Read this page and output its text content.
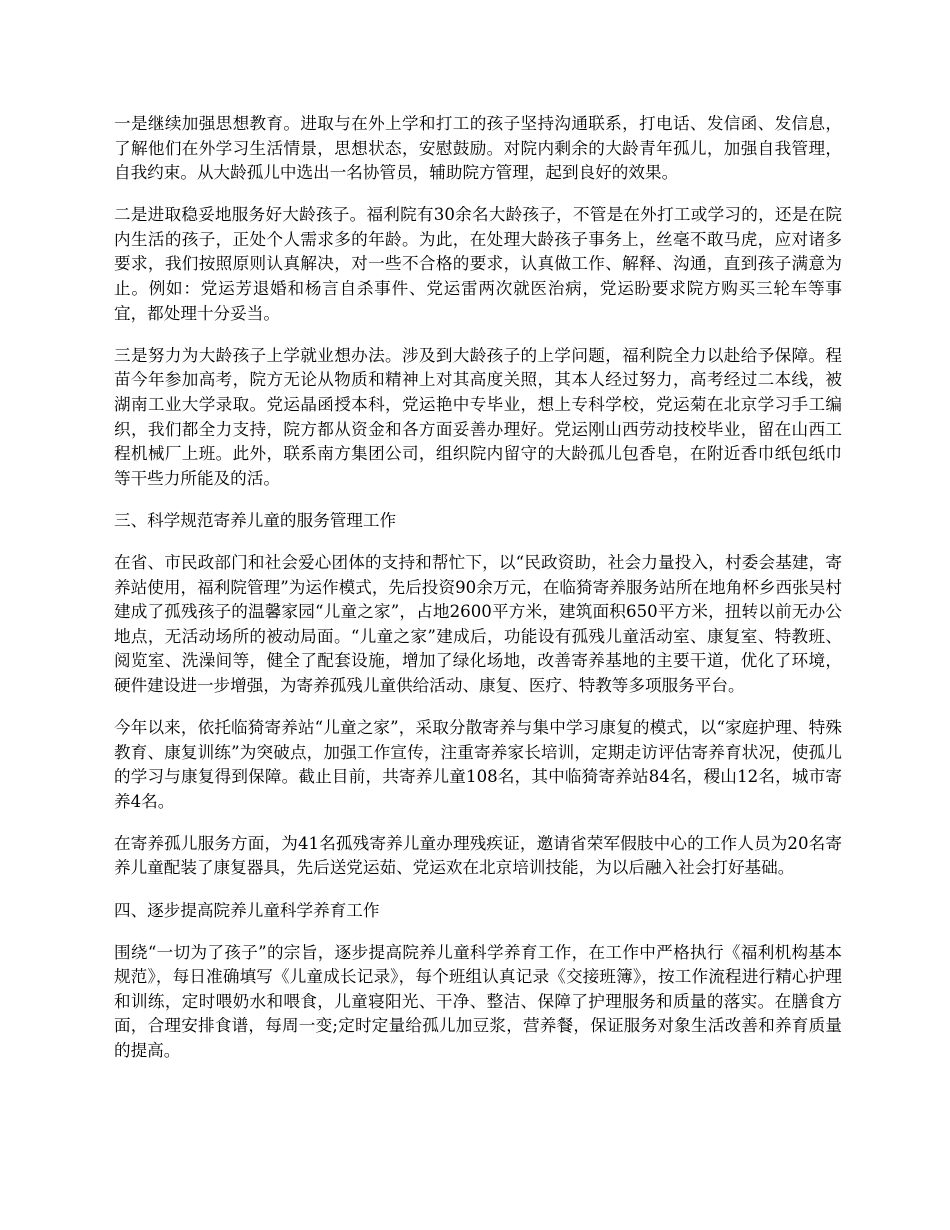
一是继续加强思想教育。进取与在外上学和打工的孩子坚持沟通联系，打电话、发信函、发信息，了解他们在外学习生活情景，思想状态，安慰鼓励。对院内剩余的大龄青年孤儿，加强自我管理，自我约束。从大龄孤儿中选出一名协管员，辅助院方管理，起到良好的效果。

二是进取稳妥地服务好大龄孩子。福利院有30余名大龄孩子，不管是在外打工或学习的，还是在院内生活的孩子，正处个人需求多的年龄。为此，在处理大龄孩子事务上，丝毫不敢马虎，应对诸多要求，我们按照原则认真解决，对一些不合格的要求，认真做工作、解释、沟通，直到孩子满意为止。例如：党运芳退婚和杨言自杀事件、党运雷两次就医治病，党运盼要求院方购买三轮车等事宜，都处理十分妥当。

三是努力为大龄孩子上学就业想办法。涉及到大龄孩子的上学问题，福利院全力以赴给予保障。程苗今年参加高考，院方无论从物质和精神上对其高度关照，其本人经过努力，高考经过二本线，被湖南工业大学录取。党运晶函授本科，党运艳中专毕业，想上专科学校，党运菊在北京学习手工编织，我们都全力支持，院方都从资金和各方面妥善办理好。党运刚山西劳动技校毕业，留在山西工程机械厂上班。此外，联系南方集团公司，组织院内留守的大龄孤儿包香皂，在附近香巾纸包纸巾等干些力所能及的活。

三、科学规范寄养儿童的服务管理工作

在省、市民政部门和社会爱心团体的支持和帮忙下，以“民政资助，社会力量投入，村委会基建，寄养站使用，福利院管理”为运作模式，先后投资90余万元，在临猗寄养服务站所在地角杯乡西张吴村建成了孤残孩子的温馨家园“儿童之家”，占地2600平方米，建筑面积650平方米，扭转以前无办公地点，无活动场所的被动局面。“儿童之家”建成后，功能设有孤残儿童活动室、康复室、特教班、阅览室、洗澡间等，健全了配套设施，增加了绿化场地，改善寄养基地的主要干道，优化了环境，硬件建设进一步增强，为寄养孤残儿童供给活动、康复、医疗、特教等多项服务平台。

今年以来，依托临猗寄养站“儿童之家”，采取分散寄养与集中学习康复的模式，以“家庭护理、特殊教育、康复训练”为突破点，加强工作宣传，注重寄养家长培训，定期走访评估寄养育状况，使孤儿的学习与康复得到保障。截止目前，共寄养儿童108名，其中临猗寄养站84名，稷山12名，城市寄养4名。

在寄养孤儿服务方面，为41名孤残寄养儿童办理残疾证，邀请省荣军假肢中心的工作人员为20名寄养儿童配装了康复器具，先后送党运茹、党运欢在北京培训技能，为以后融入社会打好基础。

四、逐步提高院养儿童科学养育工作

围绕“一切为了孩子”的宗旨，逐步提高院养儿童科学养育工作，在工作中严格执行《福利机构基本规范》，每日准确填写《儿童成长记录》，每个班组认真记录《交接班簿》，按工作流程进行精心护理和训练，定时喂奶水和喂食，儿童寝阳光、干净、整洁、保障了护理服务和质量的落实。在膳食方面，合理安排食谱，每周一变;定时定量给孤儿加豆浆，营养餐，保证服务对象生活改善和养育质量的提高。
